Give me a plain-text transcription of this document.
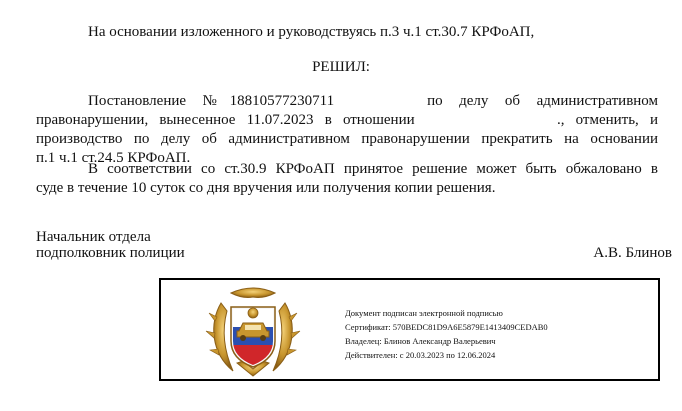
На основании изложенного и руководствуясь п.3 ч.1 ст.30.7 КРФоАП,
РЕШИЛ:
Постановление №18810577230711	по делу об административном
правонарушении, вынесенное 11.07.2023 в отношении	., отменить, и
производство по делу об административном правонарушении прекратить на основании
п.1 ч.1 ст.24.5 КРФоАП.
В соответствии со ст.30.9 КРФоАП принятое решение может быть обжаловано в
суде в течение 10 суток со дня вручения или получения копии решения.
Начальник отдела
подполковник полиции	А.В. Блинов
Документ подписан электронной подписью
Сертификат: 570BEDC81D9A6E5879E1413409CEDAB0
Владелец: Блинов Александр Валерьевич
Действителен: с 20.03.2023 по 12.06.2024
